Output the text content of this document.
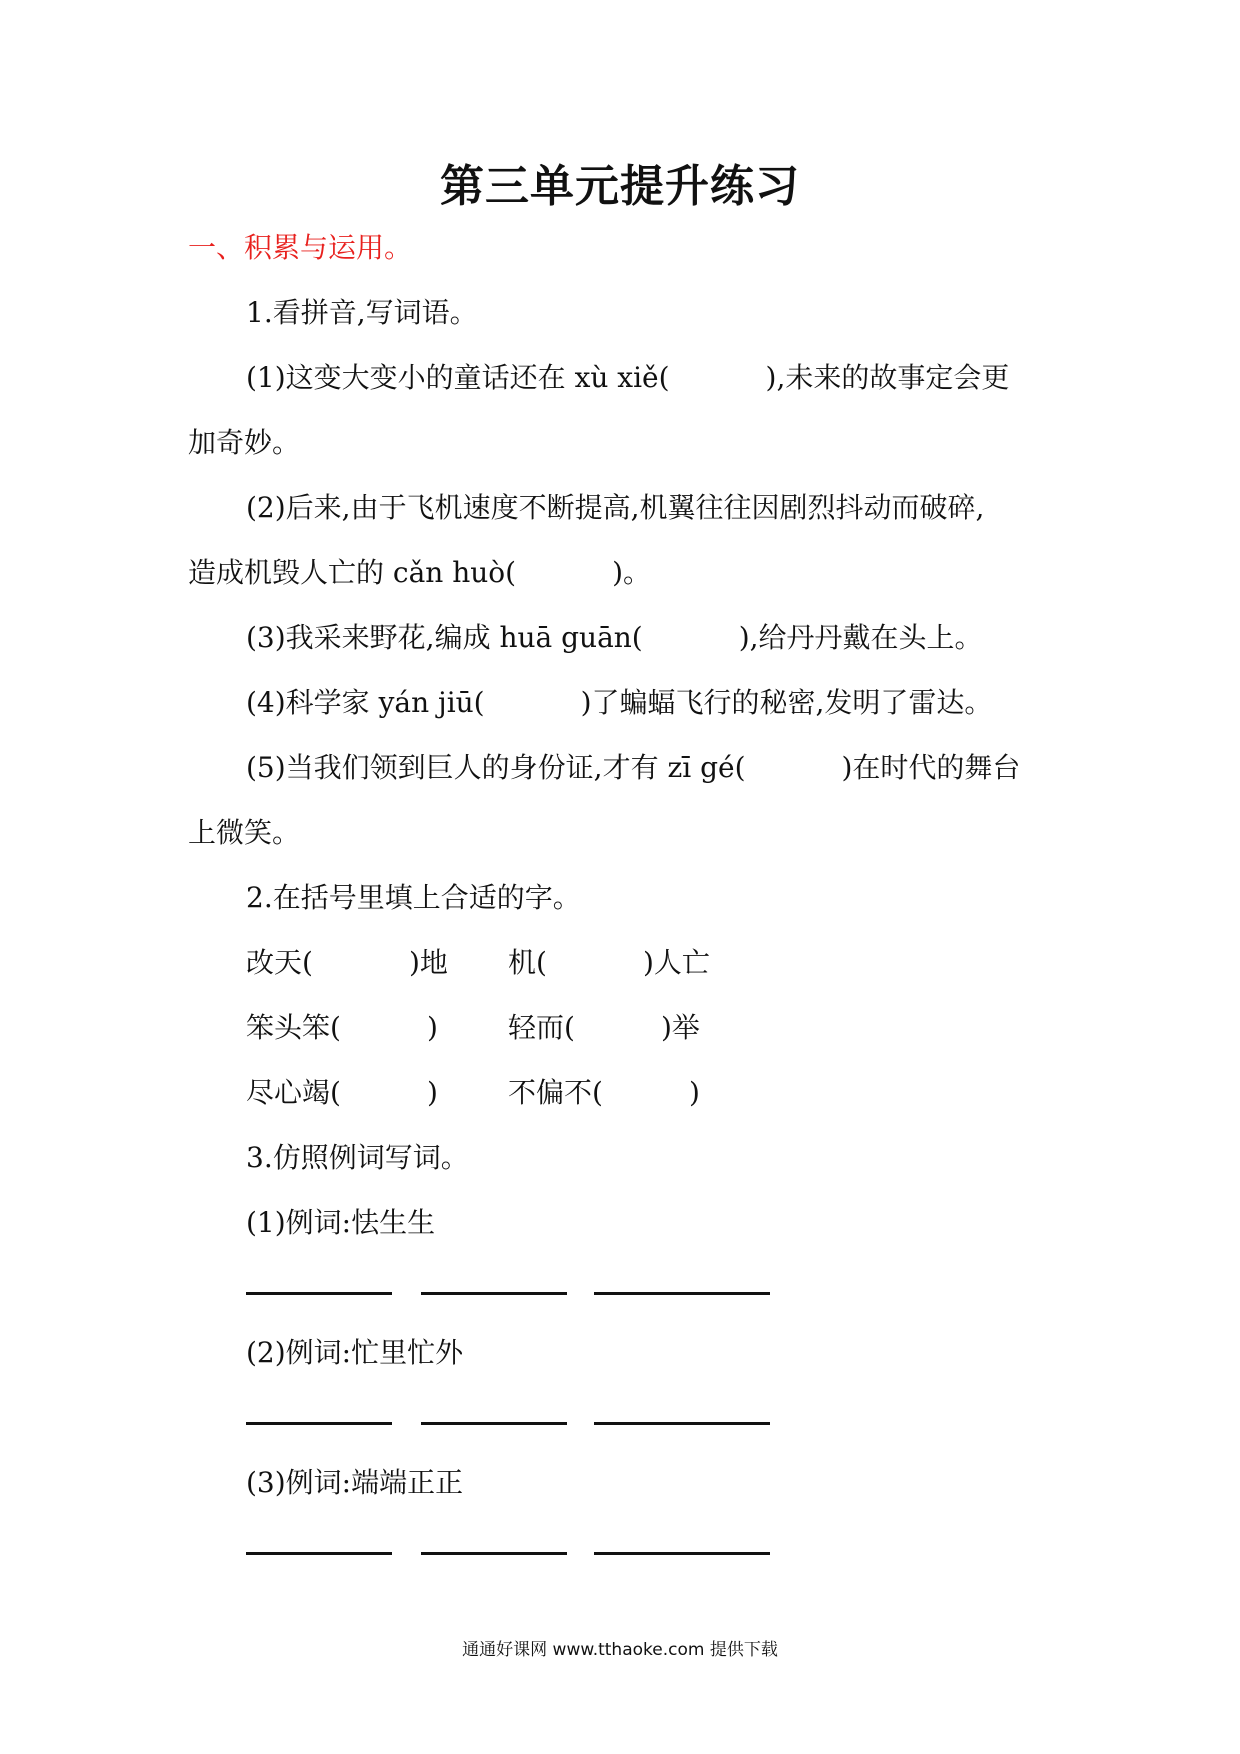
第三单元提升练习
一、积累与运用。
1.看拼音,写词语。
(1)这变大变小的童话还在 xù xiě(	),未来的故事定会更
加奇妙。
(2)后来,由于飞机速度不断提高,机翼往往因剧烈抖动而破碎,
造成机毁人亡的 cǎn huò(	)。
(3)我采来野花,编成 huā guān(	),给丹丹戴在头上。
(4)科学家 yán jiū(	)了蝙蝠飞行的秘密,发明了雷达。
(5)当我们领到巨人的身份证,才有 zī gé(	)在时代的舞台
上微笑。
2.在括号里填上合适的字。
改天(	)地 机(	)人亡
笨头笨(	)	轻而(	)举
尽心竭(	)	不偏不(	)
3.仿照例词写词。
(1)例词:怯生生
(2)例词:忙里忙外
(3)例词:端端正正
通通好课网 www.tthaoke.com 提供下载
